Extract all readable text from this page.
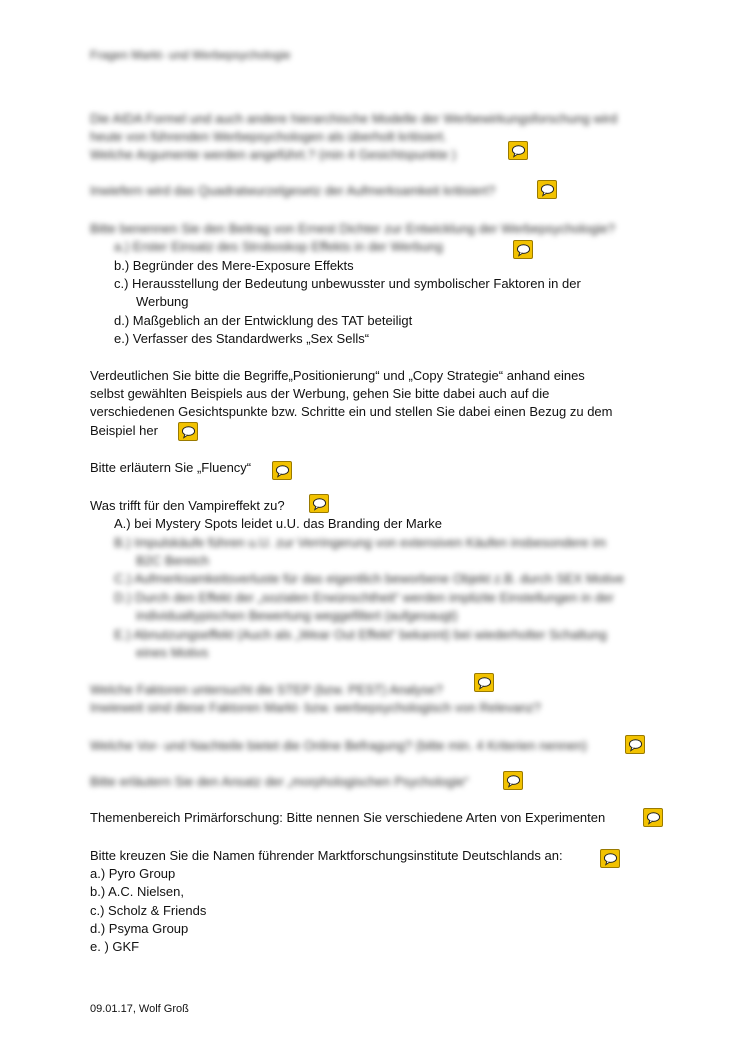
Fragen Markt- und Werbepsychologie
Die AIDA Formel und auch andere hierarchische Modelle der Werbewirkungsforschung wird
heute von führenden Werbepsychologen als überholt kritisiert.
Welche Argumente werden angeführt.? (min 4 Gesichtspunkte )
Inwiefern wird das Quadratwurzelgesetz der Aufmerksamkeit kritisiert?
Bitte benennen Sie den Beitrag von Ernest Dichter zur Entwicklung der Werbepsychologie?
a.) Erster Einsatz des Stroboskop Effekts in der Werbung
b.) Begründer des Mere-Exposure Effekts
c.) Herausstellung der Bedeutung unbewusster und symbolischer Faktoren in der
Werbung
d.) Maßgeblich an der Entwicklung des TAT beteiligt
e.) Verfasser des Standardwerks „Sex Sells“
Verdeutlichen Sie bitte die Begriffe„Positionierung“ und „Copy Strategie“ anhand eines
selbst gewählten Beispiels aus der Werbung, gehen Sie bitte dabei auch auf die
verschiedenen Gesichtspunkte bzw. Schritte ein und stellen Sie dabei einen Bezug zu dem
Beispiel her
Bitte erläutern Sie „Fluency“
Was trifft für den Vampireffekt zu?
A.) bei Mystery Spots leidet u.U. das Branding der Marke
B.) Impulskäufe führen u.U. zur Verringerung von extensiven Käufen insbesondere im
B2C Bereich
C.) Aufmerksamkeitsverluste für das eigentlich beworbene Objekt z.B. durch SEX Motive
D.) Durch den Effekt der „sozialen Erwünschtheit“ werden implizite Einstellungen in der
individualtypischen Bewertung weggefiltert (aufgesaugt)
E.) Abnutzungseffekt (Auch als „Wear Out Effekt“ bekannt) bei wiederholter Schaltung
eines Motivs
Welche Faktoren untersucht die STEP (bzw. PEST) Analyse?
Inwieweit sind diese Faktoren Markt- bzw. werbepsychologisch von Relevanz?
Welche Vor- und Nachteile bietet die Online Befragung? (bitte min. 4 Kriterien nennen)
Bitte erläutern Sie den Ansatz der „morphologischen Psychologie“
Themenbereich Primärforschung: Bitte nennen Sie verschiedene Arten von Experimenten
Bitte kreuzen Sie die Namen führender Marktforschungsinstitute Deutschlands an:
a.) Pyro Group
b.) A.C. Nielsen,
c.) Scholz & Friends
d.) Psyma Group
e. ) GKF
09.01.17, Wolf Groß
